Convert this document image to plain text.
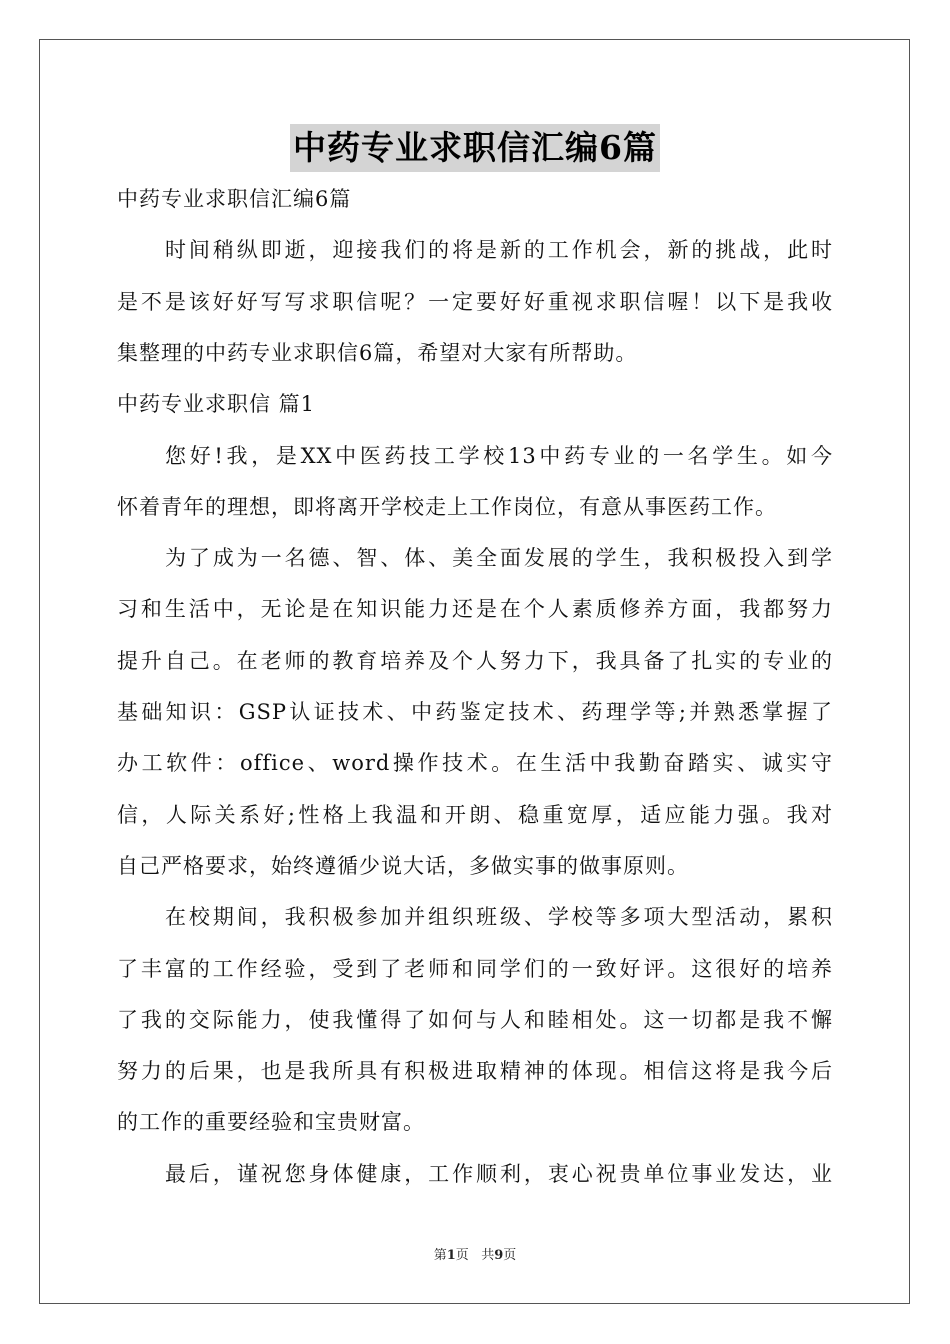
中药专业求职信汇编6篇
中药专业求职信汇编6篇
时间稍纵即逝，迎接我们的将是新的工作机会，新的挑战，此时
是不是该好好写写求职信呢？一定要好好重视求职信喔！以下是我收
集整理的中药专业求职信6篇，希望对大家有所帮助。
中药专业求职信 篇1
您好!我，是XX中医药技工学校13中药专业的一名学生。如今
怀着青年的理想，即将离开学校走上工作岗位，有意从事医药工作。
为了成为一名德、智、体、美全面发展的学生，我积极投入到学
习和生活中，无论是在知识能力还是在个人素质修养方面，我都努力
提升自己。在老师的教育培养及个人努力下，我具备了扎实的专业的
基础知识：GSP认证技术、中药鉴定技术、药理学等;并熟悉掌握了
办工软件：office、word操作技术。在生活中我勤奋踏实、诚实守
信，人际关系好;性格上我温和开朗、稳重宽厚，适应能力强。我对
自己严格要求，始终遵循少说大话，多做实事的做事原则。
在校期间，我积极参加并组织班级、学校等多项大型活动，累积
了丰富的工作经验，受到了老师和同学们的一致好评。这很好的培养
了我的交际能力，使我懂得了如何与人和睦相处。这一切都是我不懈
努力的后果，也是我所具有积极进取精神的体现。相信这将是我今后
的工作的重要经验和宝贵财富。
最后，谨祝您身体健康，工作顺利，衷心祝贵单位事业发达，业
第1页 共9页
